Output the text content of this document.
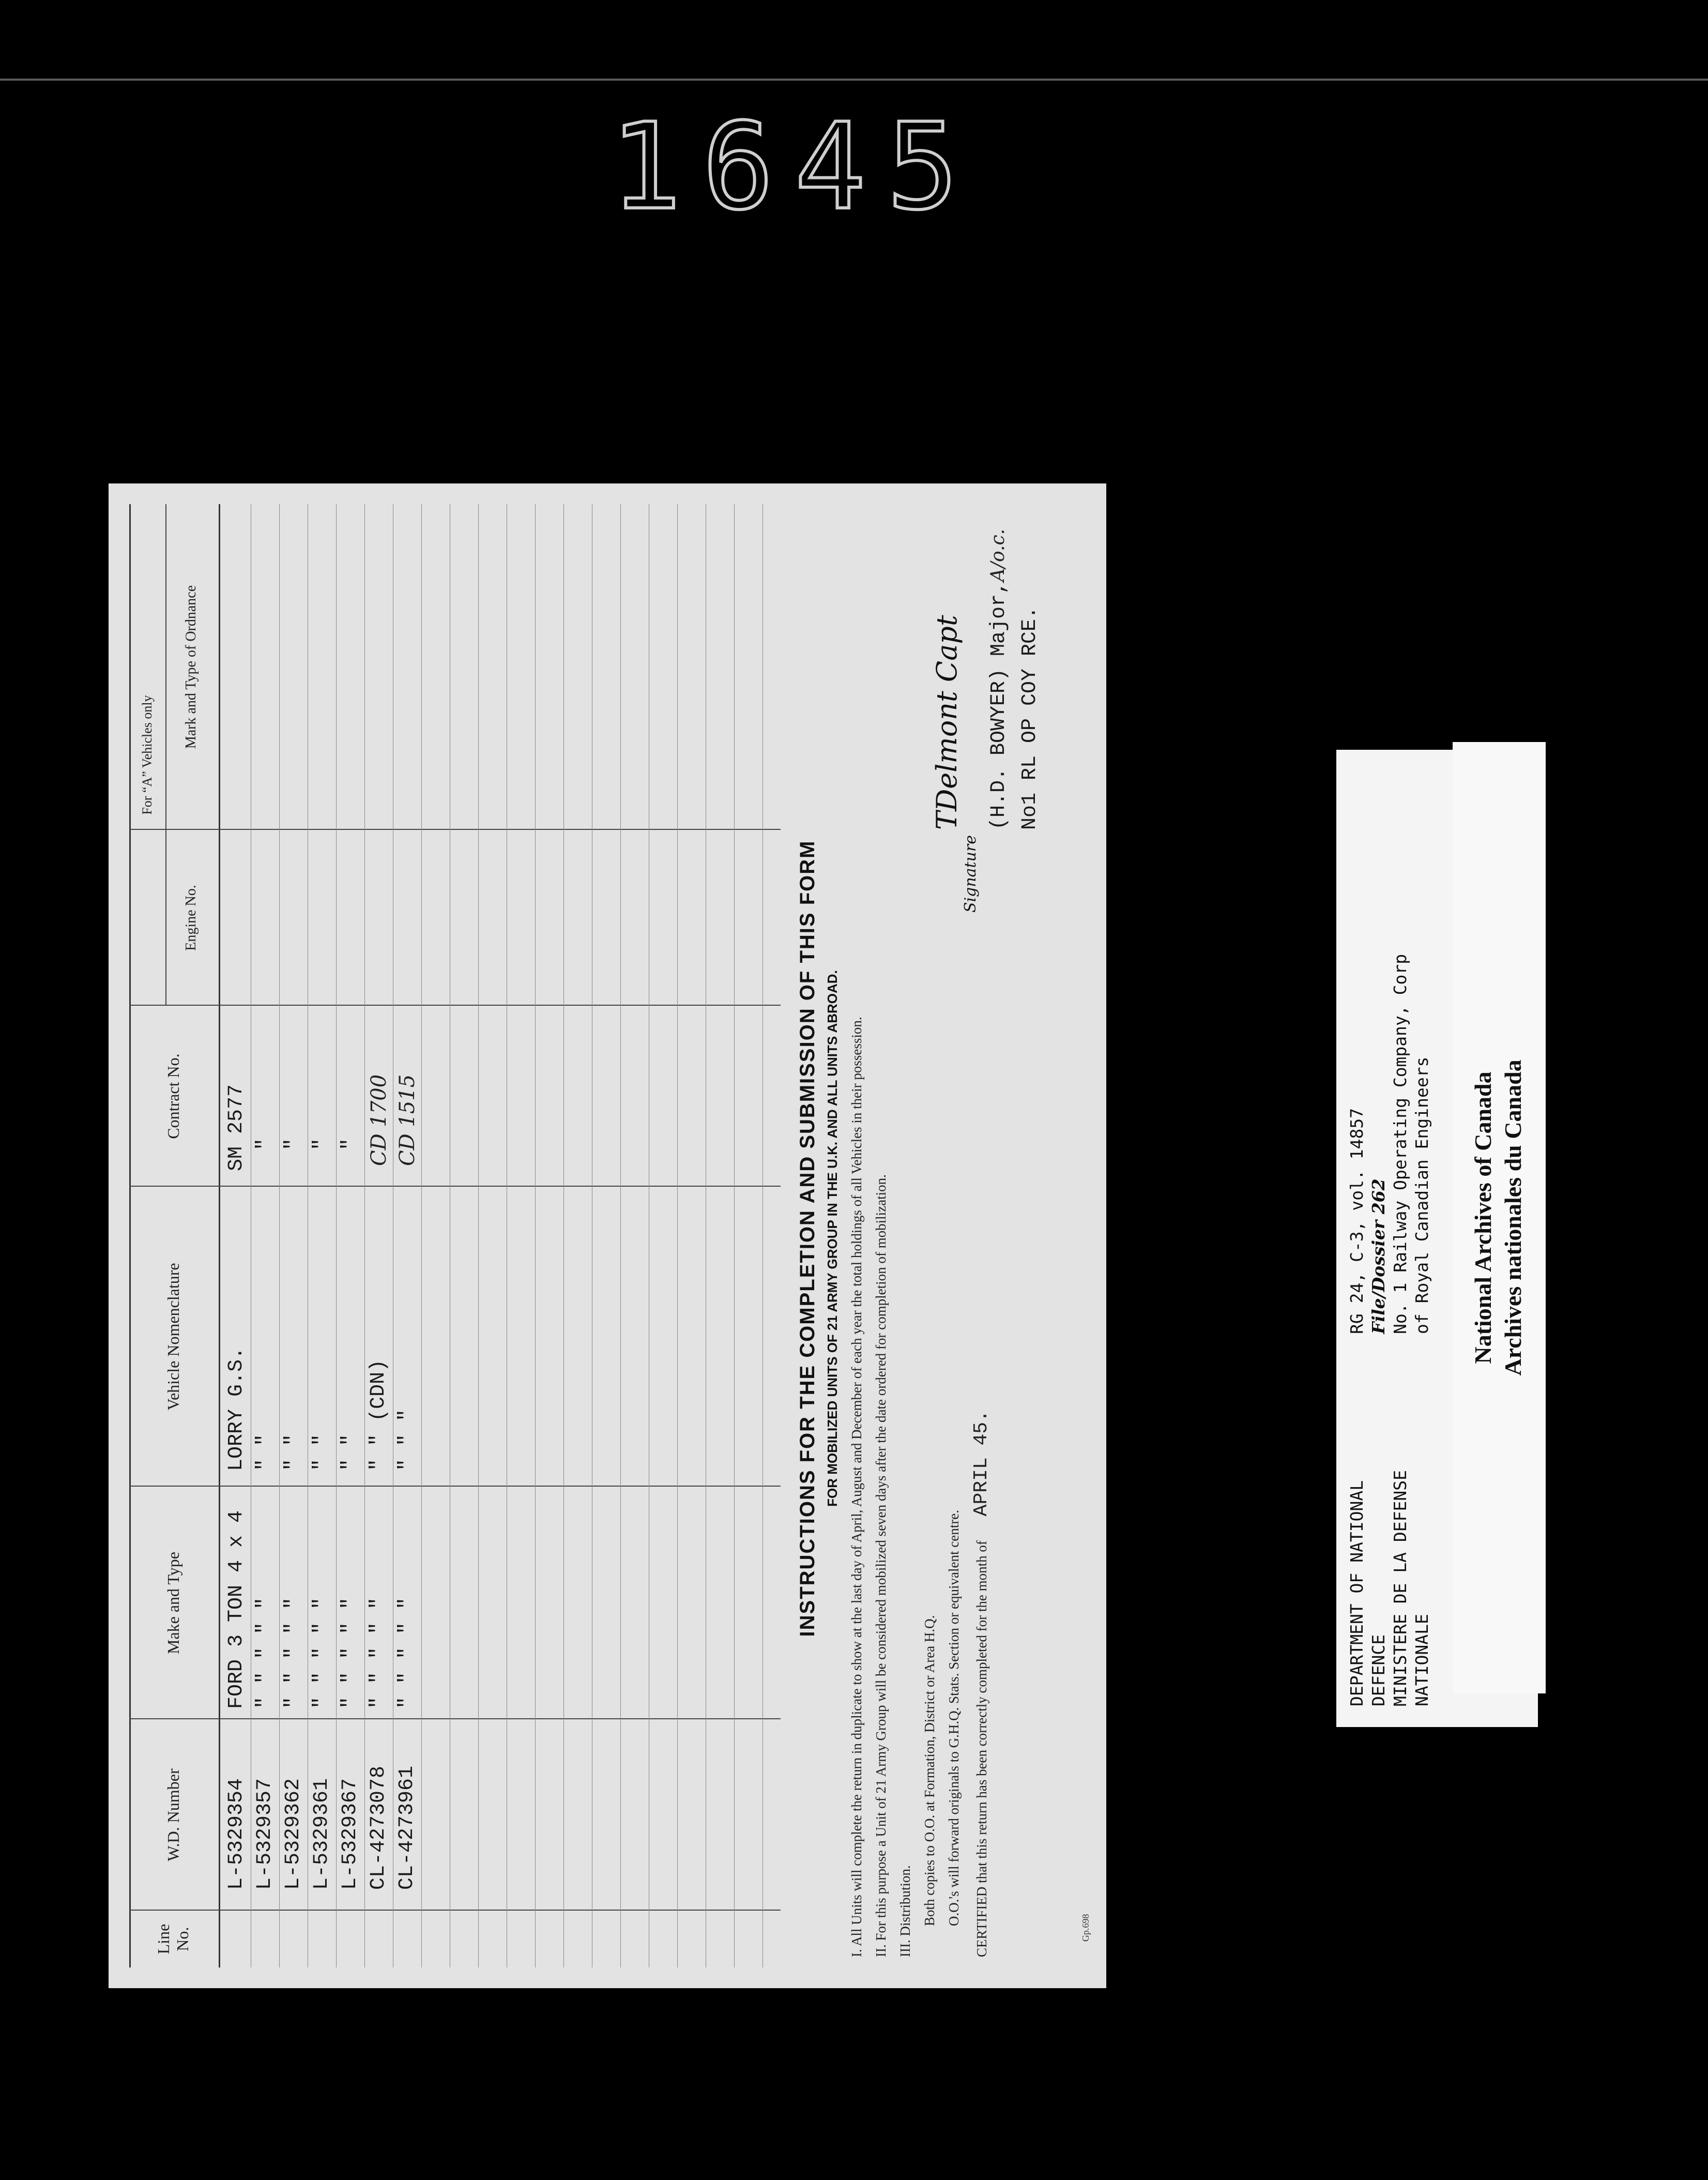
1645
Line No.
W.D. Number
Make and Type
Vehicle Nomenclature
Contract No.
For “A” Vehicles only
Engine No.
Mark and Type of Ordnance
L-5329354
FORD 3 TON 4 x 4
LORRY G.S.
SM 2577
L-5329357
" " " " "
" "
"
L-5329362
" " " " "
" "
"
L-5329361
" " " " "
" "
"
L-5329367
" " " " "
" "
"
CL-4273078
" " " " "
" " (CDN)
CD 1700
CL-4273961
" " " " "
" " "
CD 1515	INSTRUCTIONS FOR THE COMPLETION AND SUBMISSION OF THIS FORM FOR MOBILIZED UNITS OF 21 ARMY GROUP IN THE U.K. AND ALL UNITS ABROAD. I. All Units will complete the return in duplicate to show at the last day of April, August and December of each year the total holdings of all Vehicles in their possession. II. For this purpose a Unit of 21 Army Group will be considered mobilized seven days after the date ordered for completion of mobilization. III. Distribution. Both copies to O.O. at Formation, District or Area H.Q. O.O.'s will forward originals to G.H.Q. Stats. Section or equivalent centre. CERTIFIED that this return has been correctly completed for the month of APRIL 45.
Gp.698
Signature
TDelmont Capt (H.D. BOWYER) Major,
A/o.c.
No1 RL OP COY RCE.
DEPARTMENT OF NATIONAL DEFENCE MINISTERE DE LA DEFENSE NATIONALE
RG 24, C-3, vol. 14857 File/Dossier 262 No. 1 Railway Operating Company, Corp of Royal Canadian Engineers National Archives of Canada Archives nationales du Canada
